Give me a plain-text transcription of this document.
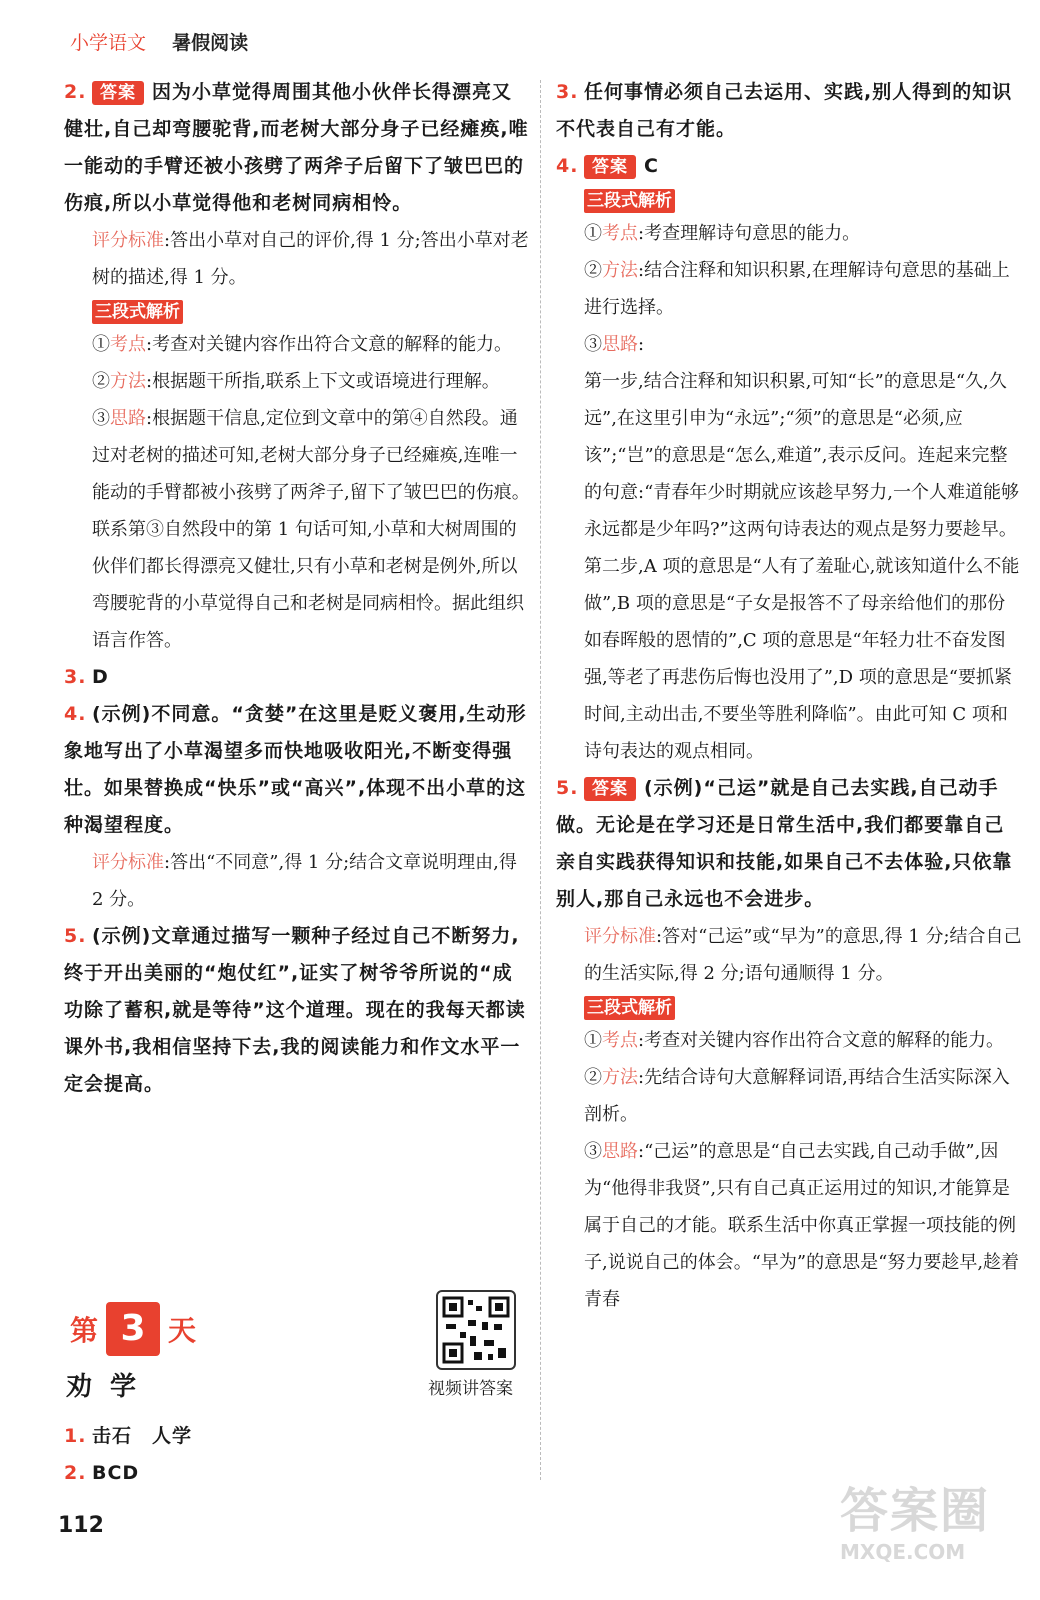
小学语文 暑假阅读

2. 答案 因为小草觉得周围其他小伙伴长得漂亮又健壮,自己却弯腰驼背,而老树大部分身子已经瘫痪,唯一能动的手臂还被小孩劈了两斧子后留下了皱巴巴的伤痕,所以小草觉得他和老树同病相怜。

评分标准:答出小草对自己的评价,得 1 分;答出小草对老树的描述,得 1 分。

三段式解析

①考点:考查对关键内容作出符合文意的解释的能力。

②方法:根据题干所指,联系上下文或语境进行理解。

③思路:根据题干信息,定位到文章中的第④自然段。通过对老树的描述可知,老树大部分身子已经瘫痪,连唯一能动的手臂都被小孩劈了两斧子,留下了皱巴巴的伤痕。联系第③自然段中的第 1 句话可知,小草和大树周围的伙伴们都长得漂亮又健壮,只有小草和老树是例外,所以弯腰驼背的小草觉得自己和老树是同病相怜。据此组织语言作答。

3. D

4. (示例)不同意。“贪婪”在这里是贬义褒用,生动形象地写出了小草渴望多而快地吸收阳光,不断变得强壮。如果替换成“快乐”或“高兴”,体现不出小草的这种渴望程度。

评分标准:答出“不同意”,得 1 分;结合文章说明理由,得 2 分。

5. (示例)文章通过描写一颗种子经过自己不断努力,终于开出美丽的“炮仗红”,证实了树爷爷所说的“成功除了蓄积,就是等待”这个道理。现在的我每天都读课外书,我相信坚持下去,我的阅读能力和作文水平一定会提高。

第 3 天
劝学	视频讲答案

1. 击石　人学

2. BCD

3. 任何事情必须自己去运用、实践,别人得到的知识不代表自己有才能。

4. 答案 C

三段式解析

①考点:考查理解诗句意思的能力。

②方法:结合注释和知识积累,在理解诗句意思的基础上进行选择。

③思路:

第一步,结合注释和知识积累,可知“长”的意思是“久,久远”,在这里引申为“永远”;“须”的意思是“必须,应该”;“岂”的意思是“怎么,难道”,表示反问。连起来完整的句意:“青春年少时期就应该趁早努力,一个人难道能够永远都是少年吗?”这两句诗表达的观点是努力要趁早。

第二步,A 项的意思是“人有了羞耻心,就该知道什么不能做”,B 项的意思是“子女是报答不了母亲给他们的那份如春晖般的恩情的”,C 项的意思是“年轻力壮不奋发图强,等老了再悲伤后悔也没用了”,D 项的意思是“要抓紧时间,主动出击,不要坐等胜利降临”。由此可知 C 项和诗句表达的观点相同。

5. 答案 (示例)“己运”就是自己去实践,自己动手做。无论是在学习还是日常生活中,我们都要靠自己亲自实践获得知识和技能,如果自己不去体验,只依靠别人,那自己永远也不会进步。

评分标准:答对“己运”或“早为”的意思,得 1 分;结合自己的生活实际,得 2 分;语句通顺得 1 分。

三段式解析

①考点:考查对关键内容作出符合文意的解释的能力。

②方法:先结合诗句大意解释词语,再结合生活实际深入剖析。

③思路:“己运”的意思是“自己去实践,自己动手做”,因为“他得非我贤”,只有自己真正运用过的知识,才能算是属于自己的才能。联系生活中你真正掌握一项技能的例子,说说自己的体会。“早为”的意思是“努力要趁早,趁着青春

112	答案圈
MXQE.COM
